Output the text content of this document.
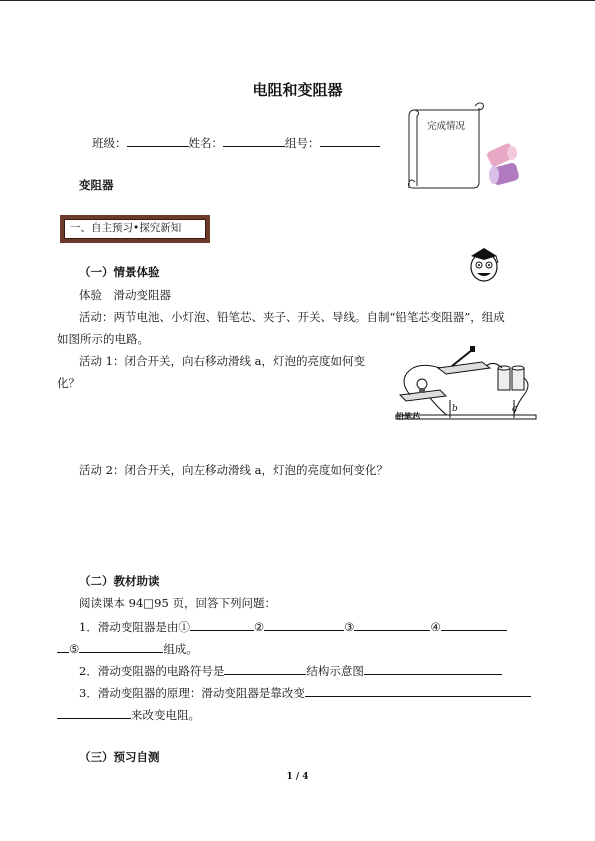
电阻和变阻器
班级：	姓名：	组号：
完成情况
变阻器
一、自主预习•探究新知
（一）情景体验
体验　滑动变阻器
活动：两节电池、小灯泡、铅笔芯、夹子、开关、导线。自制“铅笔芯变阻器”，组成
如图所示的电路。
活动 1：闭合开关，向右移动滑线 a，灯泡的亮度如何变
化？
铅笔芯
b	a
活动 2：闭合开关，向左移动滑线 a，灯泡的亮度如何变化？
（二）教材助读
阅读课本 94□95 页，回答下列问题：
1．滑动变阻器是由①	②	③	④
⑤	组成。
2．滑动变阻器的电路符号是	结构示意图
3．滑动变阻器的原理：滑动变阻器是靠改变
来改变电阻。
（三）预习自测
1 / 4
